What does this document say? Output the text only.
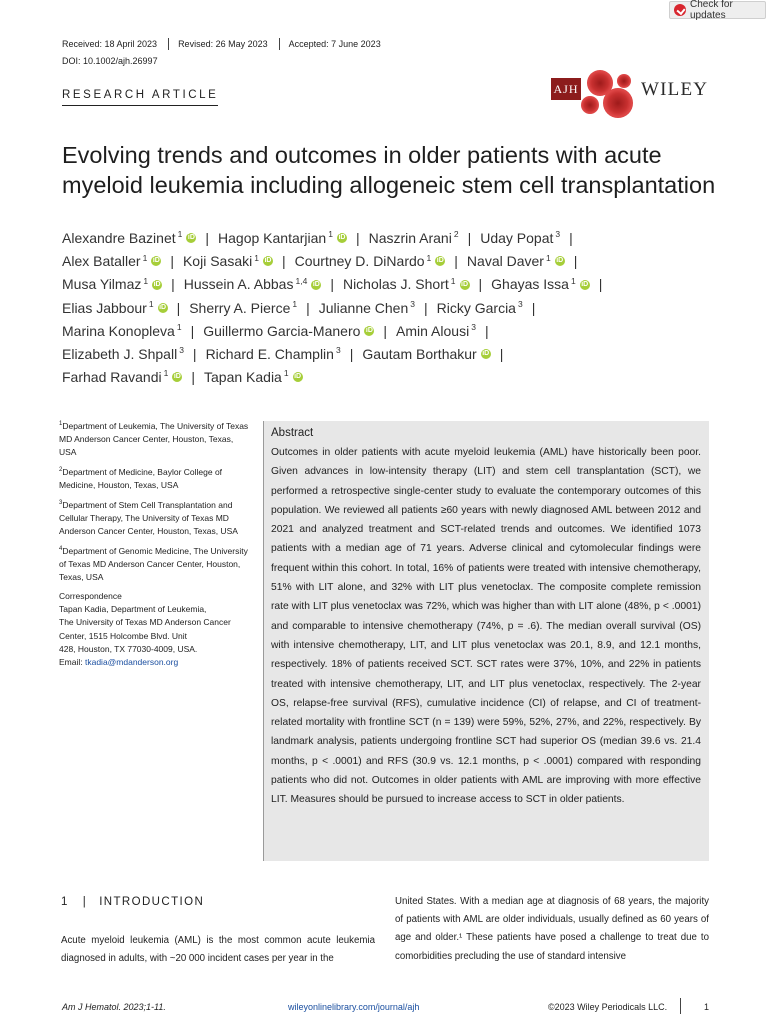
Check for updates
Received: 18 April 2023 Revised: 26 May 2023 Accepted: 7 June 2023
DOI: 10.1002/ajh.26997
RESEARCH ARTICLE	AJH	WILEY
Evolving trends and outcomes in older patients with acute myeloid leukemia including allogeneic stem cell transplantation
Alexandre Bazinet $^1$ iD | Hagop Kantarjian $^1$ iD | Naszrin Arani $^2$ | Uday Popat $^3$ |
Alex Bataller $^1$ iD | Koji Sasaki $^1$ iD | Courtney D. DiNardo $^1$ iD | Naval Daver $^1$ iD |
Musa Yilmaz $^1$ iD | Hussein A. Abbas $^{1,4}$ iD | Nicholas J. Short $^1$ iD | Ghayas Issa $^1$ iD |
Elias Jabbour $^1$ iD | Sherry A. Pierce $^1$ | Julianne Chen $^3$ | Ricky Garcia $^3$ |
Marina Konopleva $^1$ | Guillermo Garcia-Manero iD | Amin Alousi $^3$ |
Elizabeth J. Shpall $^3$ | Richard E. Champlin $^3$ | Gautam Borthakur iD |
Farhad Ravandi $^1$ iD | Tapan Kadia $^1$ iD
$^1$Department of Leukemia, The University of Texas MD Anderson Cancer Center, Houston, Texas, USA
$^2$Department of Medicine, Baylor College of Medicine, Houston, Texas, USA
$^3$Department of Stem Cell Transplantation and Cellular Therapy, The University of Texas MD Anderson Cancer Center, Houston, Texas, USA
$^4$Department of Genomic Medicine, The University of Texas MD Anderson Cancer Center, Houston, Texas, USA
Correspondence
Tapan Kadia, Department of Leukemia,
The University of Texas MD Anderson Cancer
Center, 1515 Holcombe Blvd. Unit
428, Houston, TX 77030-4009, USA.
Email: tkadia@mdanderson.org
Abstract

Outcomes in older patients with acute myeloid leukemia (AML) have historically been poor. Given advances in low-intensity therapy (LIT) and stem cell transplantation (SCT), we performed a retrospective single-center study to evaluate the contemporary outcomes of this population. We reviewed all patients ≥60 years with newly diagnosed AML between 2012 and 2021 and analyzed treatment and SCT-related trends and outcomes. We identified 1073 patients with a median age of 71 years. Adverse clinical and cytomolecular findings were frequent within this cohort. In total, 16% of patients were treated with intensive chemotherapy, 51% with LIT alone, and 32% with LIT plus venetoclax. The composite complete remission rate with LIT plus venetoclax was 72%, which was higher than with LIT alone (48%, p < .0001) and comparable to intensive chemotherapy (74%, p = .6). The median overall survival (OS) with intensive chemotherapy, LIT, and LIT plus venetoclax was 20.1, 8.9, and 12.1 months, respectively. 18% of patients received SCT. SCT rates were 37%, 10%, and 22% in patients treated with intensive chemotherapy, LIT, and LIT plus venetoclax, respectively. The 2-year OS, relapse-free survival (RFS), cumulative incidence (CI) of relapse, and CI of treatment-related mortality with frontline SCT (n = 139) were 59%, 52%, 27%, and 22%, respectively. By landmark analysis, patients undergoing frontline SCT had superior OS (median 39.6 vs. 21.4 months, p < .0001) and RFS (30.9 vs. 12.1 months, p < .0001) compared with responding patients who did not. Outcomes in older patients with AML are improving with more effective LIT. Measures should be pursued to increase access to SCT in older patients.

1 | INTRODUCTION

Acute myeloid leukemia (AML) is the most common acute leukemia diagnosed in adults, with ~20 000 incident cases per year in the

United States. With a median age at diagnosis of 68 years, the majority of patients with AML are older individuals, usually defined as 60 years of age and older.¹ These patients have posed a challenge to treat due to comorbidities precluding the use of standard intensive

Am J Hematol. 2023;1-11.	wileyonlinelibrary.com/journal/ajh	©2023 Wiley Periodicals LLC.	1
